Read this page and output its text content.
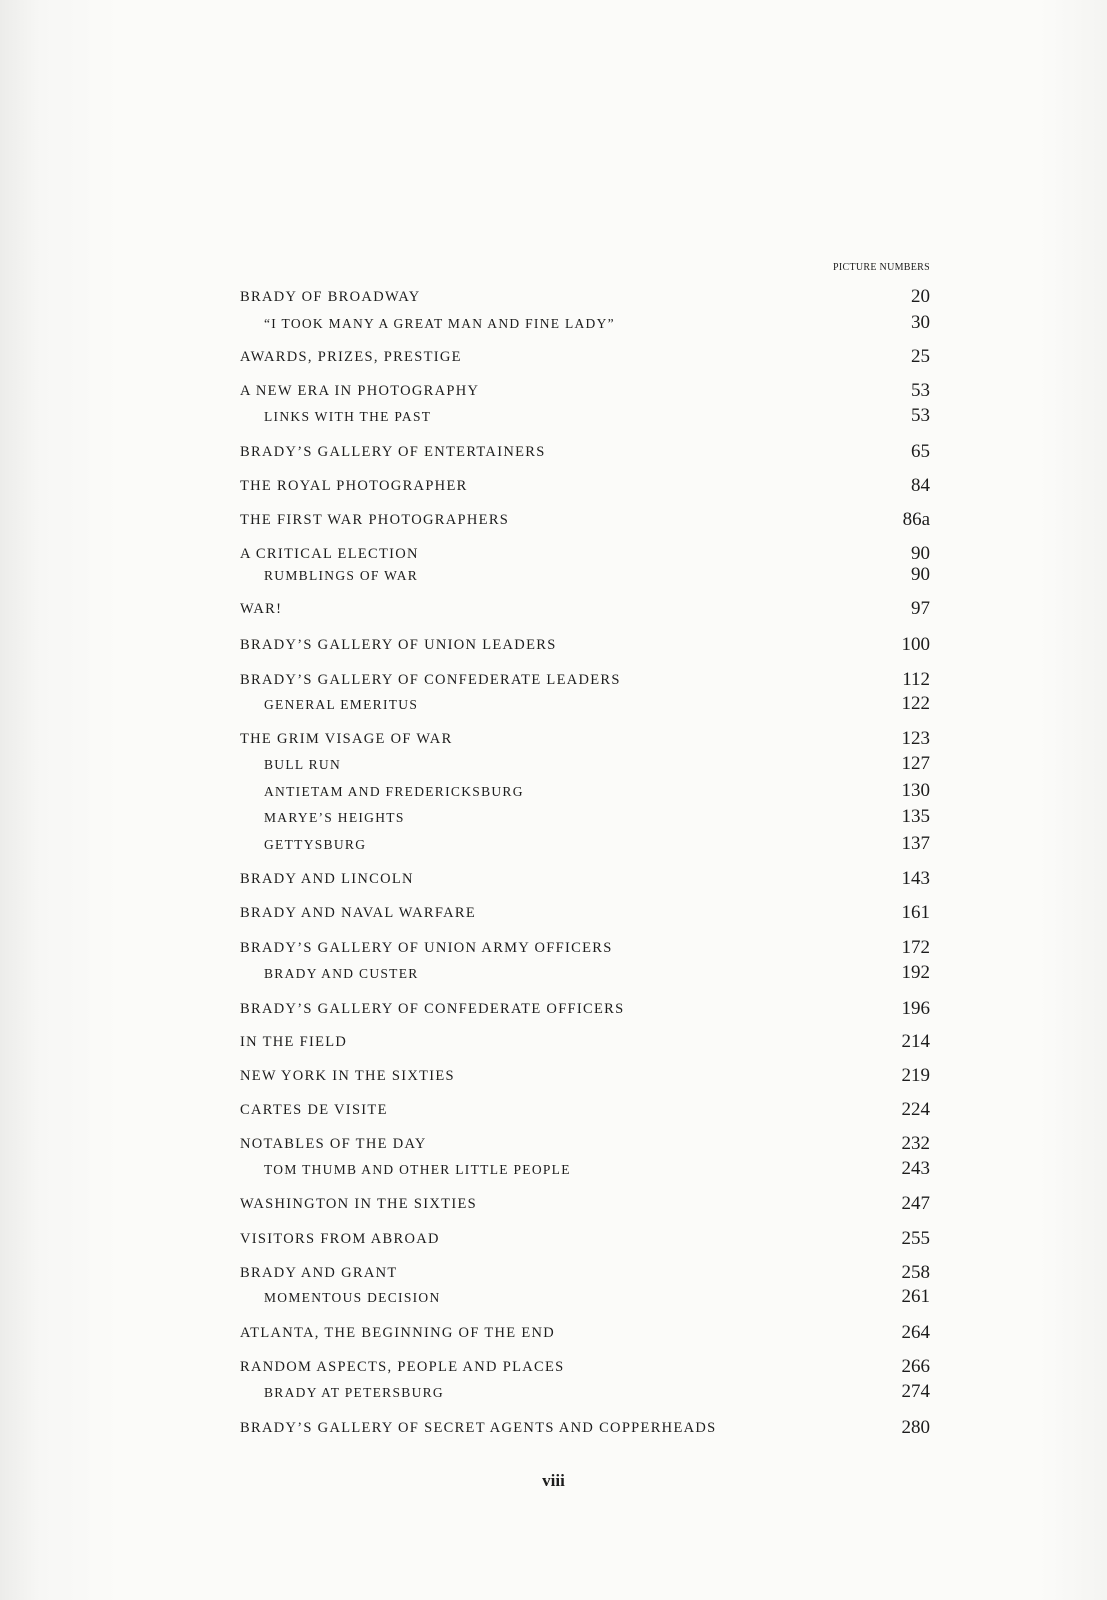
PICTURE NUMBERS
BRADY OF BROADWAY	20
“I TOOK MANY A GREAT MAN AND FINE LADY”	30
AWARDS, PRIZES, PRESTIGE	25
A NEW ERA IN PHOTOGRAPHY	53
LINKS WITH THE PAST	53
BRADY’S GALLERY OF ENTERTAINERS	65
THE ROYAL PHOTOGRAPHER	84
THE FIRST WAR PHOTOGRAPHERS	86a
A CRITICAL ELECTION	90
RUMBLINGS OF WAR	90
WAR!	97
BRADY’S GALLERY OF UNION LEADERS	100
BRADY’S GALLERY OF CONFEDERATE LEADERS	112
GENERAL EMERITUS	122
THE GRIM VISAGE OF WAR	123
BULL RUN	127
ANTIETAM AND FREDERICKSBURG	130
MARYE’S HEIGHTS	135
GETTYSBURG	137
BRADY AND LINCOLN	143
BRADY AND NAVAL WARFARE	161
BRADY’S GALLERY OF UNION ARMY OFFICERS	172
BRADY AND CUSTER	192
BRADY’S GALLERY OF CONFEDERATE OFFICERS	196
IN THE FIELD	214
NEW YORK IN THE SIXTIES	219
CARTES DE VISITE	224
NOTABLES OF THE DAY	232
TOM THUMB AND OTHER LITTLE PEOPLE	243
WASHINGTON IN THE SIXTIES	247
VISITORS FROM ABROAD	255
BRADY AND GRANT	258
MOMENTOUS DECISION	261
ATLANTA, THE BEGINNING OF THE END	264
RANDOM ASPECTS, PEOPLE AND PLACES	266
BRADY AT PETERSBURG	274
BRADY’S GALLERY OF SECRET AGENTS AND COPPERHEADS	280
viii
